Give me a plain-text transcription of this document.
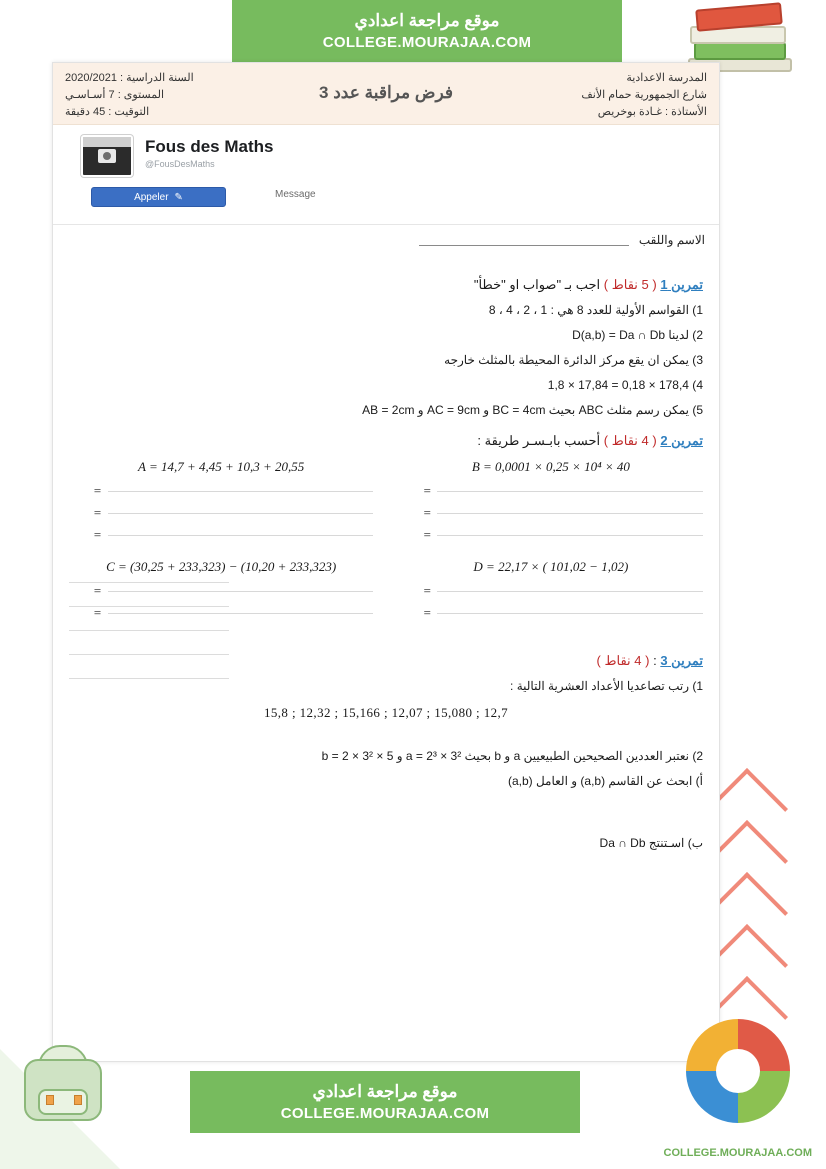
موقع مراجعة اعدادي
COLLEGE.MOURAJAA.COM
المدرسة الاعدادية
شارع الجمهورية حمام الأنف
الأستاذة : غـادة بوخريص
فرض مراقبة عدد 3
السنة الدراسية : 2020/2021
المستوى : 7 أسـاسـي
التوقيت : 45 دقيقة
Fous des Maths
@FousDesMaths
Appeler ✎	Message
الاسم واللقب
تمرين 1 ( 5 نقاط ) اجب بـ "صواب او "خطأ"
1) القواسم الأولية للعدد 8 هي : 1 ، 2 ، 4 ، 8
2) لدينا D(a,b) = Da ∩ Db
3) يمكن ان يقع مركز الدائرة المحيطة بالمثلث خارجه
4) 178,4 × 0,18 = 17,84 × 1,8
5) يمكن رسم مثلث ABC بحيث BC = 4cm و AC = 9cm و AB = 2cm
تمرين 2 ( 4 نقاط ) أحسب بابـسـر طريقة :
A = 14,7 + 4,45 + 10,3 + 20,55
=
=
=
B = 0,0001 × 0,25 × 10⁴ × 40
=
=
=
C = (30,25 + 233,323) − (10,20 + 233,323)
=
=
D = 22,17 × ( 101,02 − 1,02)
=
=
تمرين 3 : ( 4 نقاط )
1) رتب تصاعديا الأعداد العشرية التالية :
12,7 ; 15,080 ; 12,07 ; 15,166 ; 12,32 ; 15,8
2) نعتبر العددين الصحيحين الطبيعيين a و b بحيث a = 2³ × 3² و b = 2 × 3² × 5
أ) ابحث عن القاسم (a,b) و العامل (a,b)
ب) اسـتنتج Da ∩ Db
موقع مراجعة اعدادي
COLLEGE.MOURAJAA.COM
COLLEGE.MOURAJAA.COM
